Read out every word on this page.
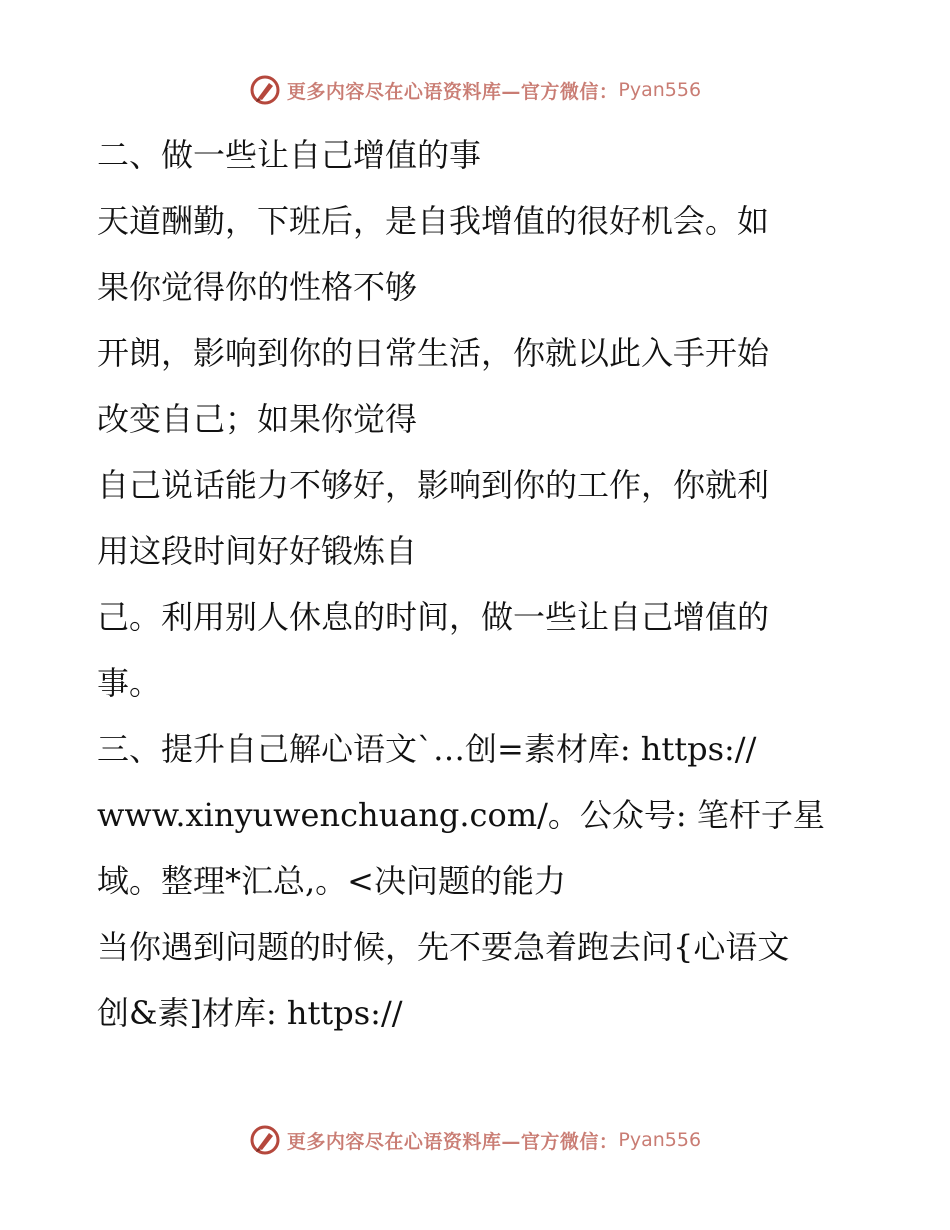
更多内容尽在心语资料库—官方微信： Pyan556

二、做一些让自己增值的事

天道酬勤，下班后，是自我增值的很好机会。如
果你觉得你的性格不够

开朗，影响到你的日常生活，你就以此入手开始
改变自己；如果你觉得

自己说话能力不够好，影响到你的工作，你就利
用这段时间好好锻炼自

己。利用别人休息的时间，做一些让自己增值的
事。

三、提升自己解心语文`…创=素材库: https://
www.xinyuwenchuang.com/。公众号: 笔杆子星
域。整理*汇总,。<决问题的能力

当你遇到问题的时候，先不要急着跑去问{心语文
创&素]材库: https://

更多内容尽在心语资料库—官方微信： Pyan556
